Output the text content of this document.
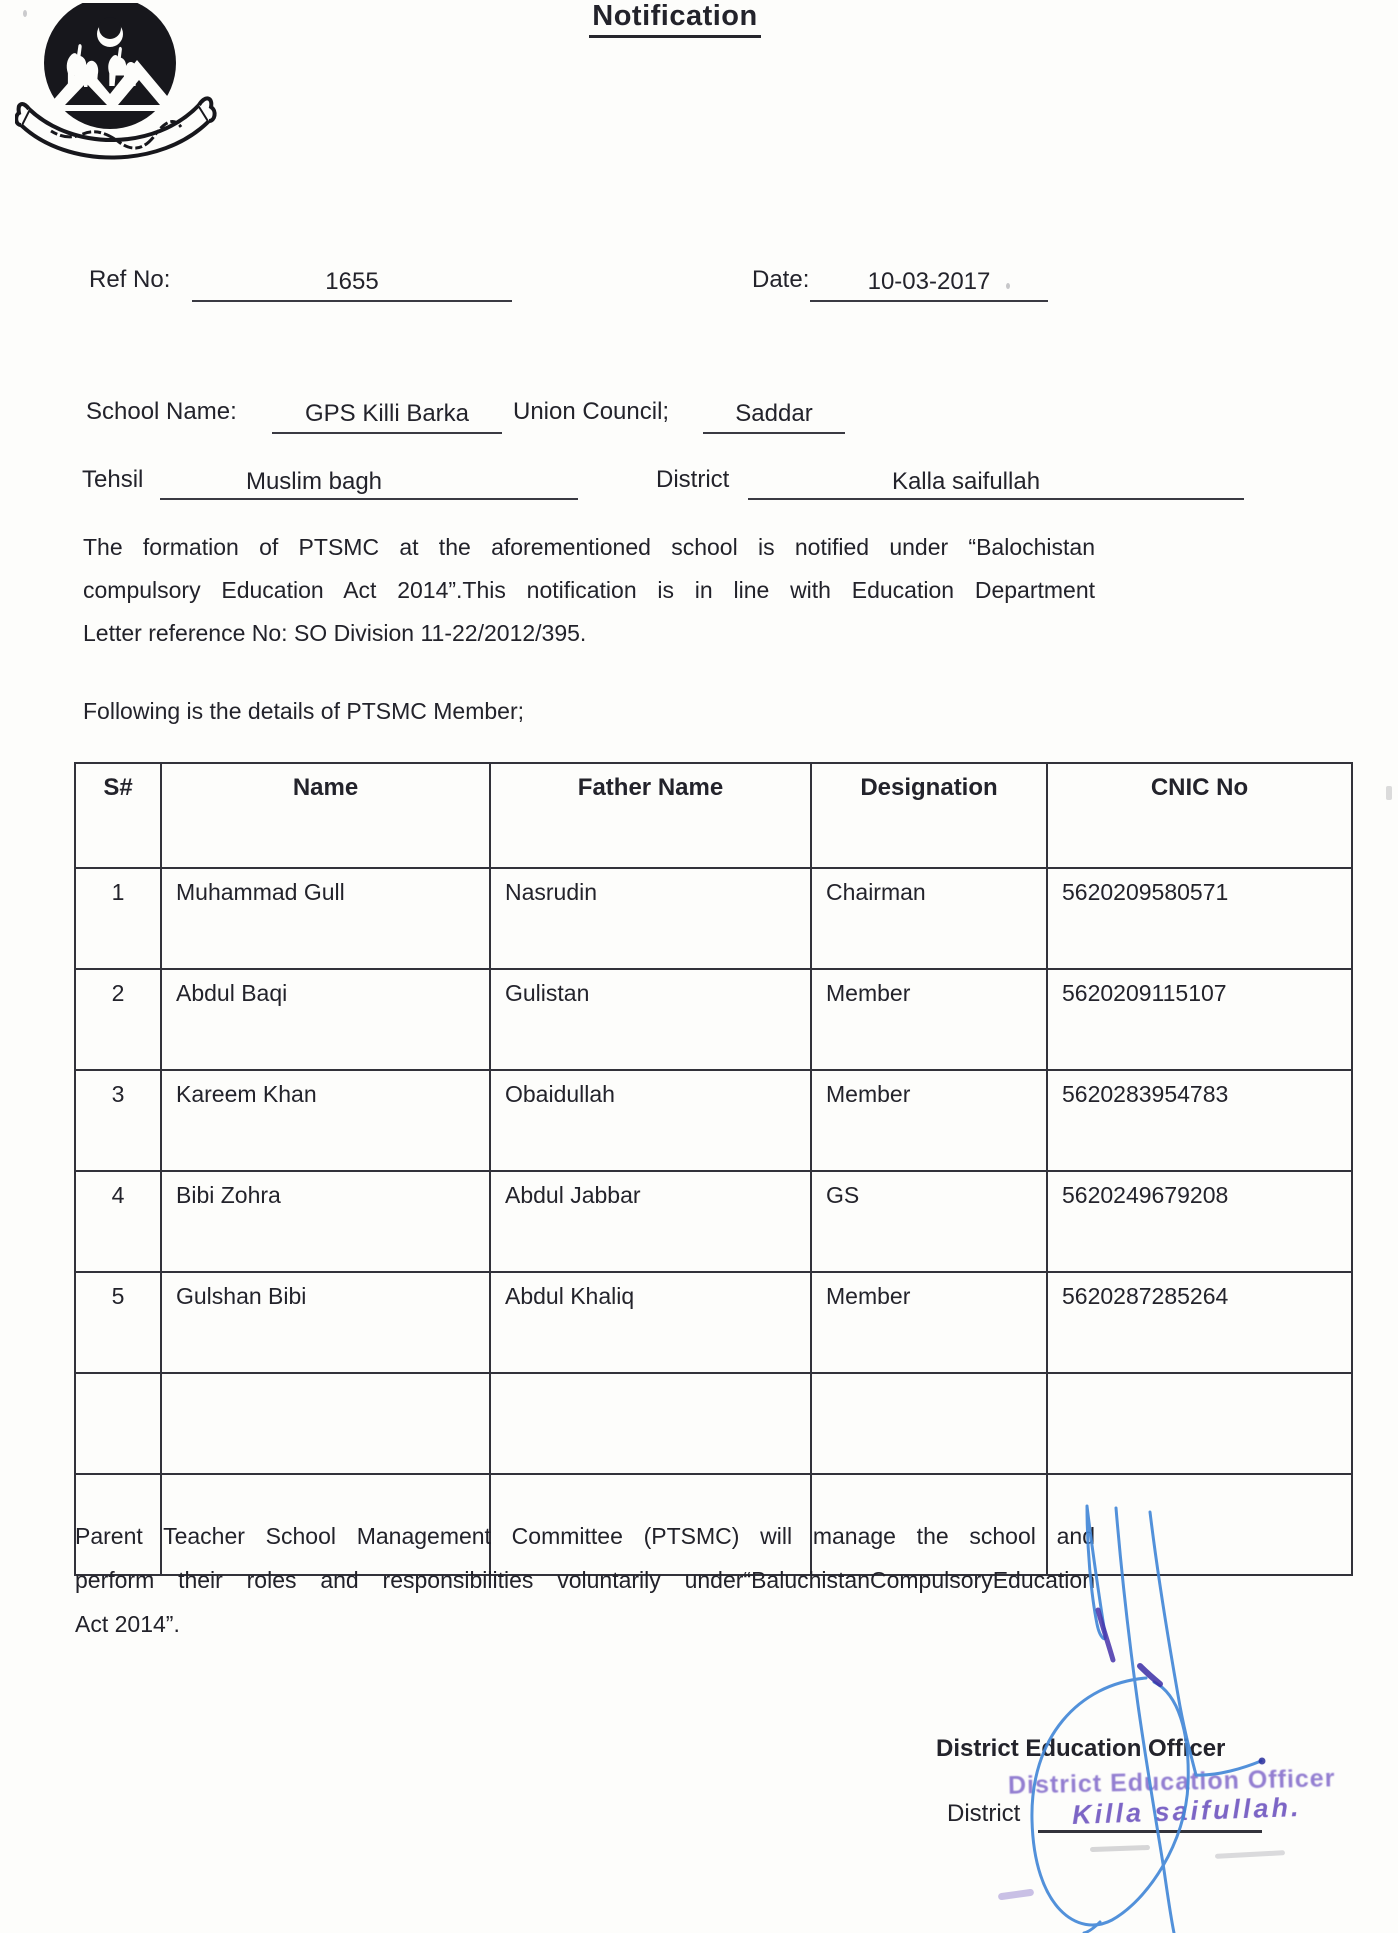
Notification
Ref No:	1655	Date:	10-03-2017
School Name:	GPS Killi Barka	Union Council;	Saddar
Tehsil	Muslim bagh	District	Kalla saifullah
The formation of PTSMC at the aforementioned school is notified under “Balochistan
compulsory Education Act 2014”.This notification is in line with Education Department
Letter reference No: SO Division 11-22/2012/395.
Following is the details of PTSMC Member;
S#	Name	Father Name	Designation	CNIC No
1	Muhammad Gull	Nasrudin	Chairman	5620209580571
2	Abdul Baqi	Gulistan	Member	5620209115107
3	Kareem Khan	Obaidullah	Member	5620283954783
4	Bibi Zohra	Abdul Jabbar	GS	5620249679208
5	Gulshan Bibi	Abdul Khaliq	Member	5620287285264

Parent Teacher School Management Committee (PTSMC) will manage the school and
perform their roles and responsibilities voluntarily under“BaluchistanCompulsoryEducation
Act 2014”.
District Education Officer
District Education Officer
District Killa saifullah.
